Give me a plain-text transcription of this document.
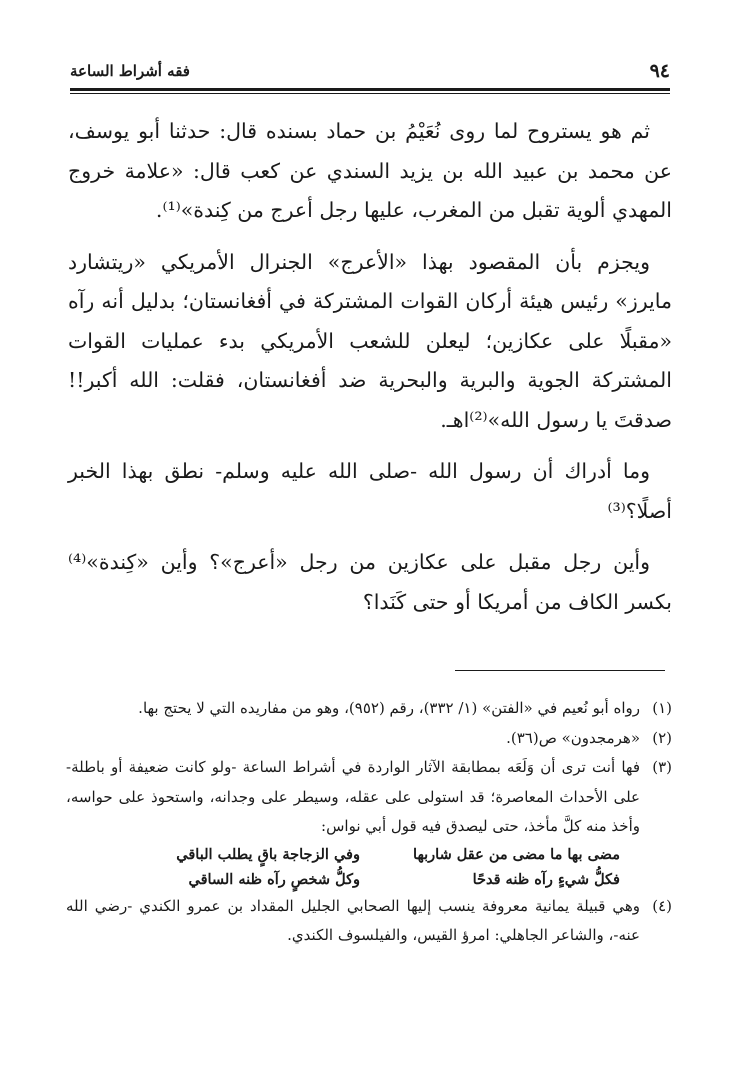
٩٤
فقه أشراط الساعة

ثم هو يستروح لما روى نُعَيْمُ بن حماد بسنده قال: حدثنا أبو يوسف، عن محمد بن عبيد الله بن يزيد السندي عن كعب قال: «علامة خروج المهدي ألوية تقبل من المغرب، عليها رجل أعرج من كِندة»⁽¹⁾.

ويجزم بأن المقصود بهذا «الأعرج» الجنرال الأمريكي «ريتشارد مايرز» رئيس هيئة أركان القوات المشتركة في أفغانستان؛ بدليل أنه رآه «مقبلًا على عكازين؛ ليعلن للشعب الأمريكي بدء عمليات القوات المشتركة الجوية والبرية والبحرية ضد أفغانستان، فقلت: الله أكبر!! صدقتَ يا رسول الله»⁽²⁾اهـ.

وما أدراك أن رسول الله -صلى الله عليه وسلم- نطق بهذا الخبر أصلًا؟⁽³⁾

وأين رجل مقبل على عكازين من رجل «أعرج»؟ وأين «كِندة»⁽⁴⁾ بكسر الكاف من أمريكا أو حتى كَنَدا؟

(١)
رواه أبو نُعيم في «الفتن» (١/ ٣٣٢)، رقم (٩٥٢)، وهو من مفاريده التي لا يحتج بها.

(٢)
«هرمجدون» ص(٣٦).

(٣)
فها أنت ترى أن وَلَعَه بمطابقة الآثار الواردة في أشراط الساعة -ولو كانت ضعيفة أو باطلة- على الأحداث المعاصرة؛ قد استولى على عقله، وسيطر على وجدانه، واستحوذ على حواسه، وأخذ منه كلَّ مأخذ، حتى ليصدق فيه قول أبي نواس:

مضى بها ما مضى من عقل شاربها
وفي الزجاجة باقٍ يطلب الباقي
فكلُّ شيءٍ رآه ظنه قدحًا
وكلُّ شخصٍ رآه ظنه الساقي

(٤)
وهي قبيلة يمانية معروفة ينسب إليها الصحابي الجليل المقداد بن عمرو الكندي -رضي الله عنه-، والشاعر الجاهلي: امرؤ القيس، والفيلسوف الكندي.
